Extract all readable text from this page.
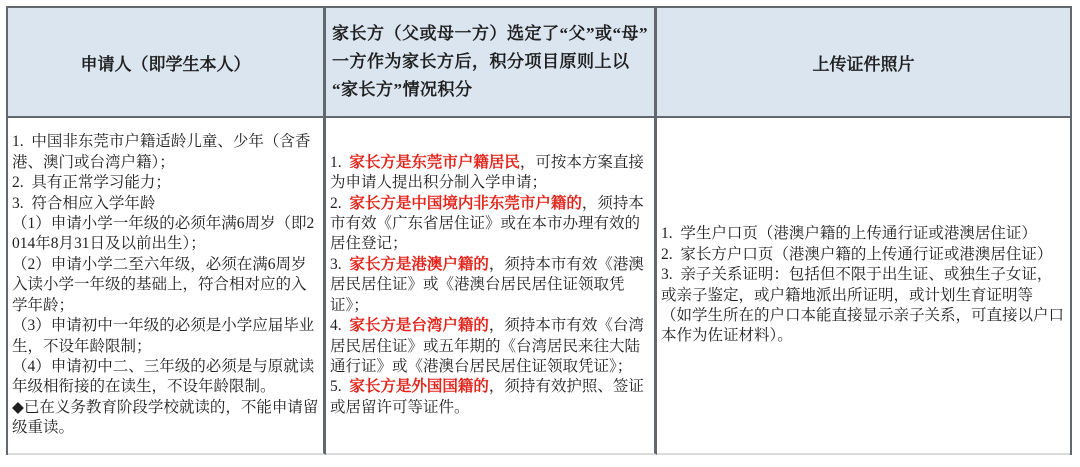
申请人（即学生本人）
家长方（父或母一方）选定了“父”或“母”一方作为家长方后，积分项目原则上以“家长方”情况积分
上传证件照片

1.  中国非东莞市户籍适龄儿童、少年（含香港、澳门或台湾户籍）；

2.  具有正常学习能力；

3.  符合相应入学年龄

（1）申请小学一年级的必须年满6周岁（即2014年8月31日及以前出生）；

（2）申请小学二至六年级，必须在满6周岁入读小学一年级的基础上，符合相对应的入学年龄；

（3）申请初中一年级的必须是小学应届毕业生，不设年龄限制；

（4）申请初中二、三年级的必须是与原就读年级相衔接的在读生，不设年龄限制。

◆已在义务教育阶段学校就读的，不能申请留级重读。

1.  家长方是东莞市户籍居民，可按本方案直接为申请人提出积分制入学申请；

2.  家长方是中国境内非东莞市户籍的，须持本市有效《广东省居住证》或在本市办理有效的居住登记；

3.  家长方是港澳户籍的，须持本市有效《港澳居民居住证》或《港澳台居民居住证领取凭证》；

4.  家长方是台湾户籍的，须持本市有效《台湾居民居住证》或五年期的《台湾居民来往大陆通行证》或《港澳台居民居住证领取凭证》；

5.  家长方是外国国籍的，须持有效护照、签证或居留许可等证件。

1.  学生户口页（港澳户籍的上传通行证或港澳居住证）

2.  家长方户口页（港澳户籍的上传通行证或港澳居住证）

3.  亲子关系证明：包括但不限于出生证、或独生子女证，或亲子鉴定，或户籍地派出所证明，或计划生育证明等

（如学生所在的户口本能直接显示亲子关系，可直接以户口本作为佐证材料）。
